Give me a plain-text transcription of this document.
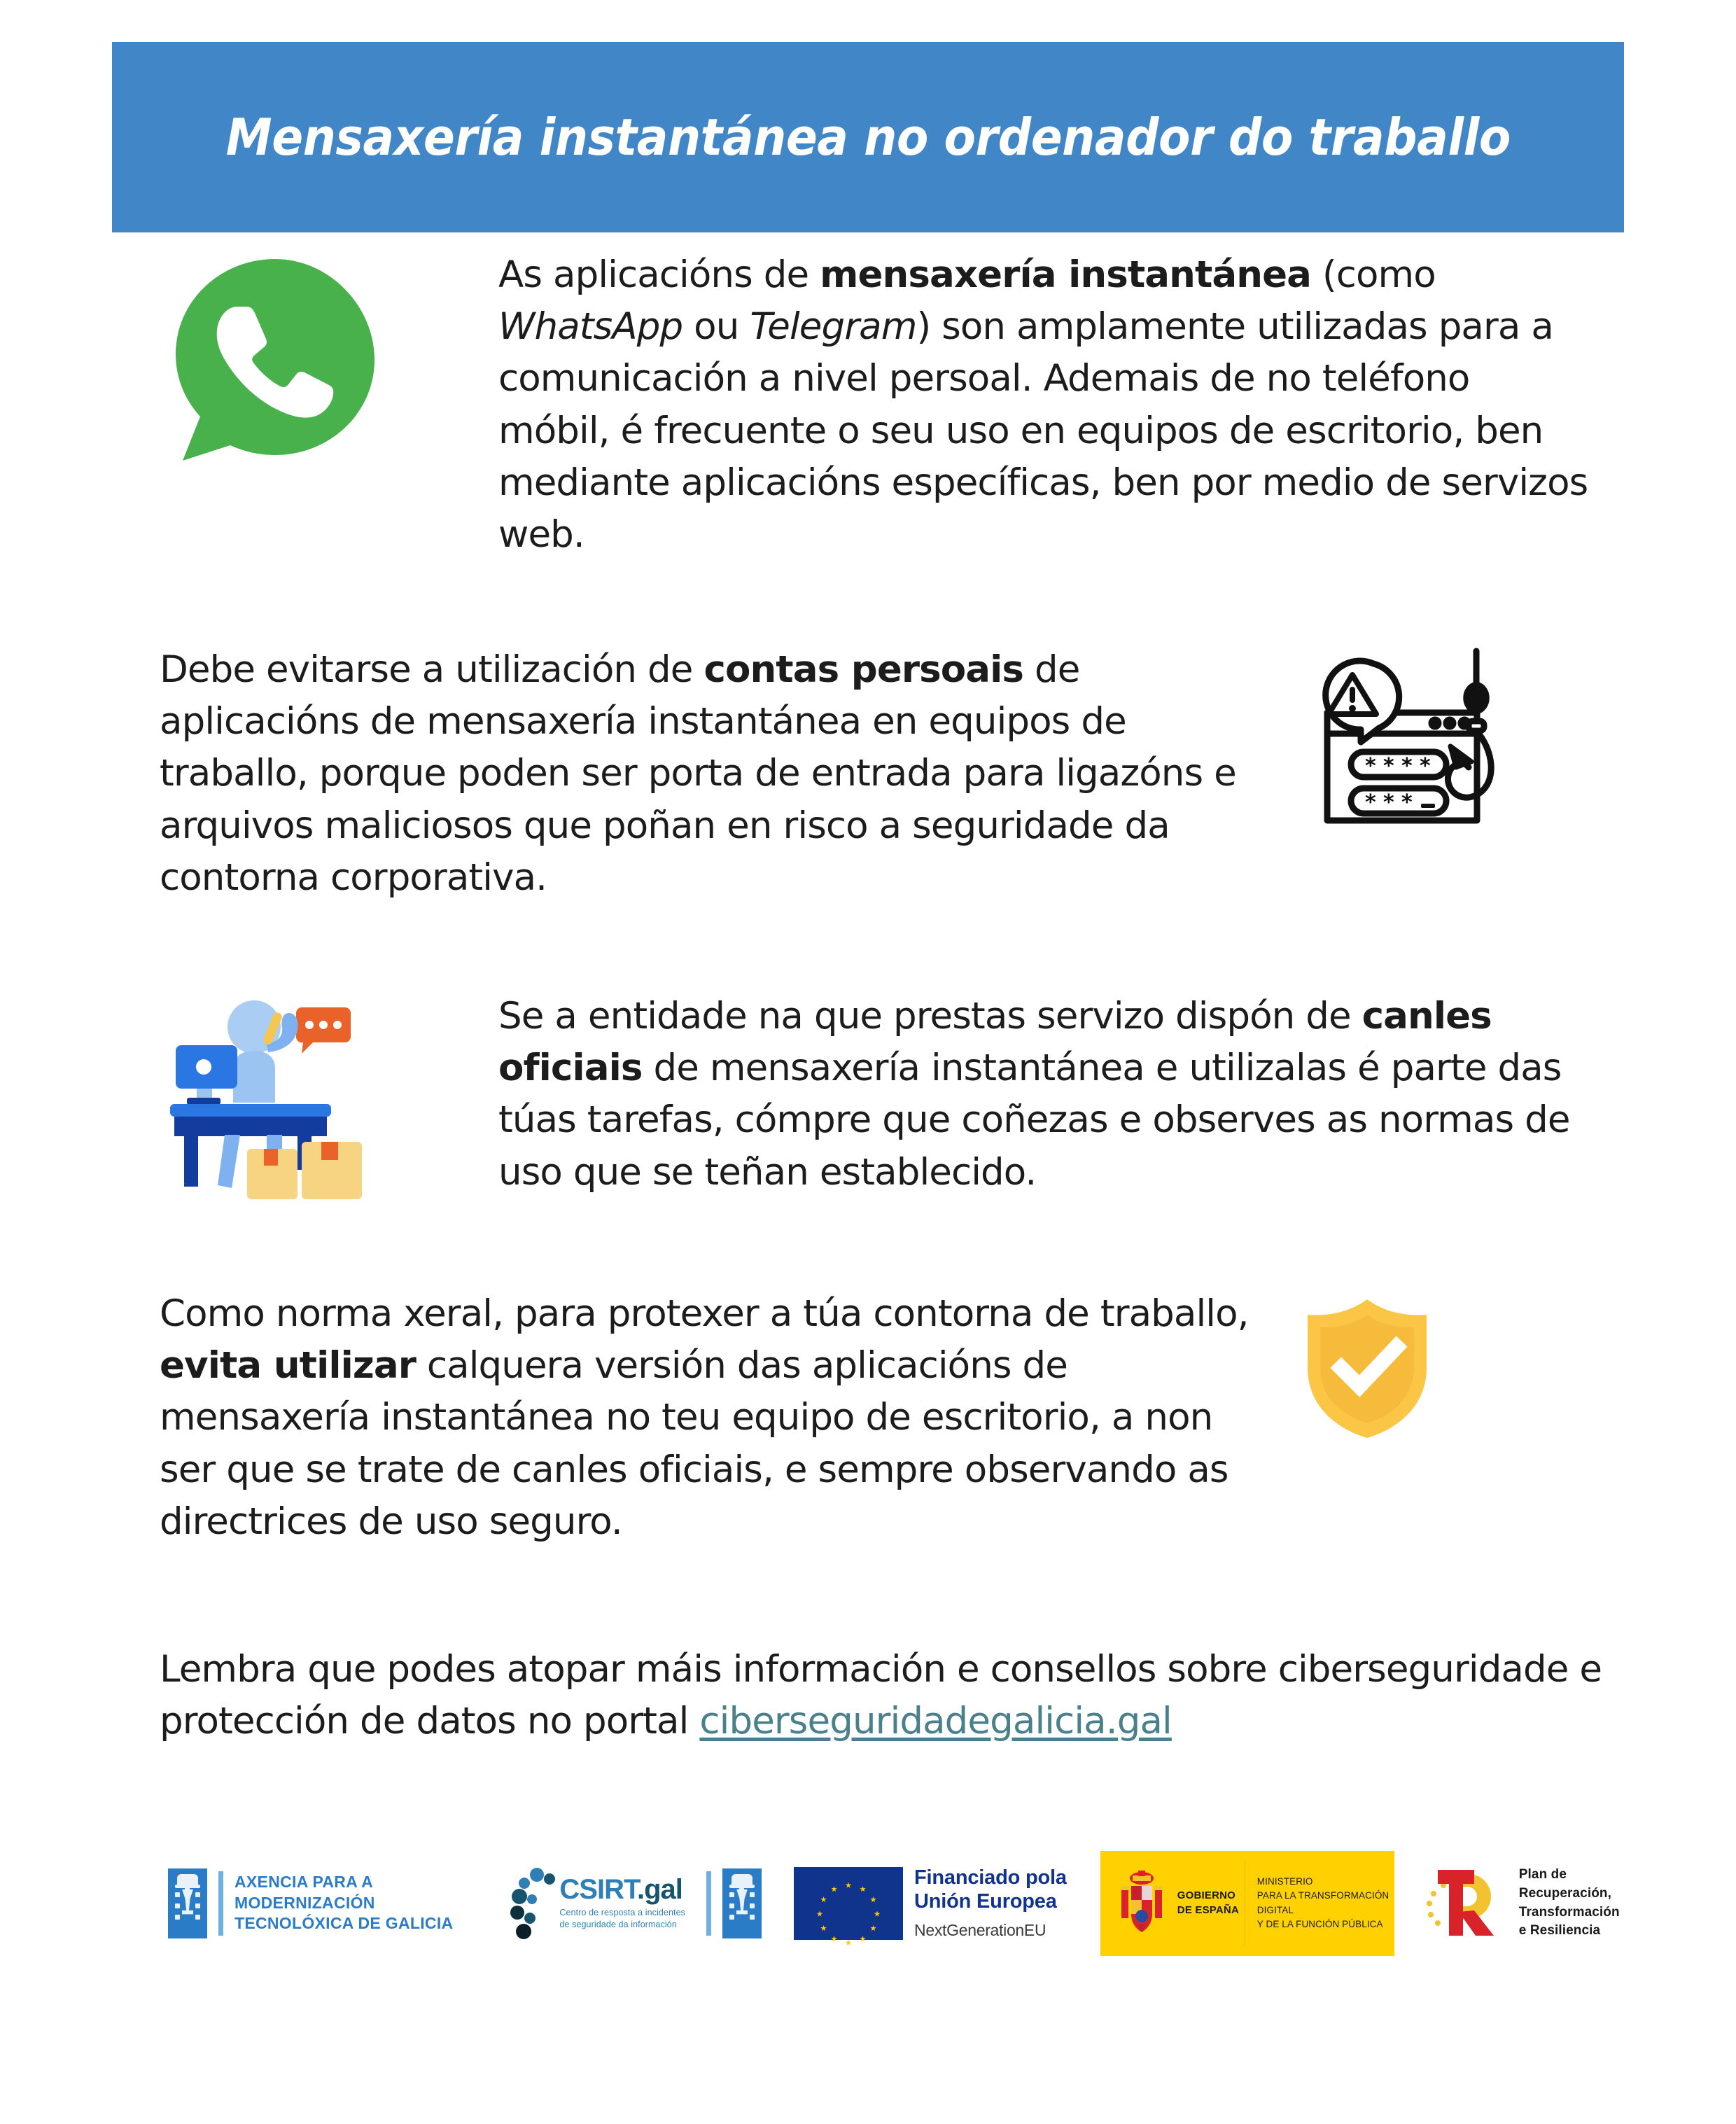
Mensaxería instantánea no ordenador do traballo
As aplicacións de mensaxería instantánea (como WhatsApp ou Telegram) son amplamente utilizadas para a comunicación a nivel persoal. Ademais de no teléfono móbil, é frecuente o seu uso en equipos de escritorio, ben mediante aplicacións específicas, ben por medio de servizos web.
Debe evitarse a utilización de contas persoais de aplicacións de mensaxería instantánea en equipos de traballo, porque poden ser porta de entrada para ligazóns e arquivos maliciosos que poñan en risco a seguridade da contorna corporativa.
* * * *
* * *
Se a entidade na que prestas servizo dispón de canles oficiais de mensaxería instantánea e utilizalas é parte das túas tarefas, cómpre que coñezas e observes as normas de uso que se teñan establecido.
Como norma xeral, para protexer a túa contorna de traballo, evita utilizar calquera versión das aplicacións de mensaxería instantánea no teu equipo de escritorio, a non ser que se trate de canles oficiais, e sempre observando as directrices de uso seguro.
Lembra que podes atopar máis información e consellos sobre ciberseguridade e protección de datos no portal ciberseguridadegalicia.gal
AXENCIA PARA A
MODERNIZACIÓN
TECNOLÓXICA DE GALICIA
CSIRT.gal
Centro de resposta a incidentes
de seguridade da información
Financiado pola
Unión Europea
NextGenerationEU
GOBIERNO
DE ESPAÑA
MINISTERIO
PARA LA TRANSFORMACIÓN DIGITAL
Y DE LA FUNCIÓN PÚBLICA
Plan de
Recuperación,
Transformación
e Resiliencia
